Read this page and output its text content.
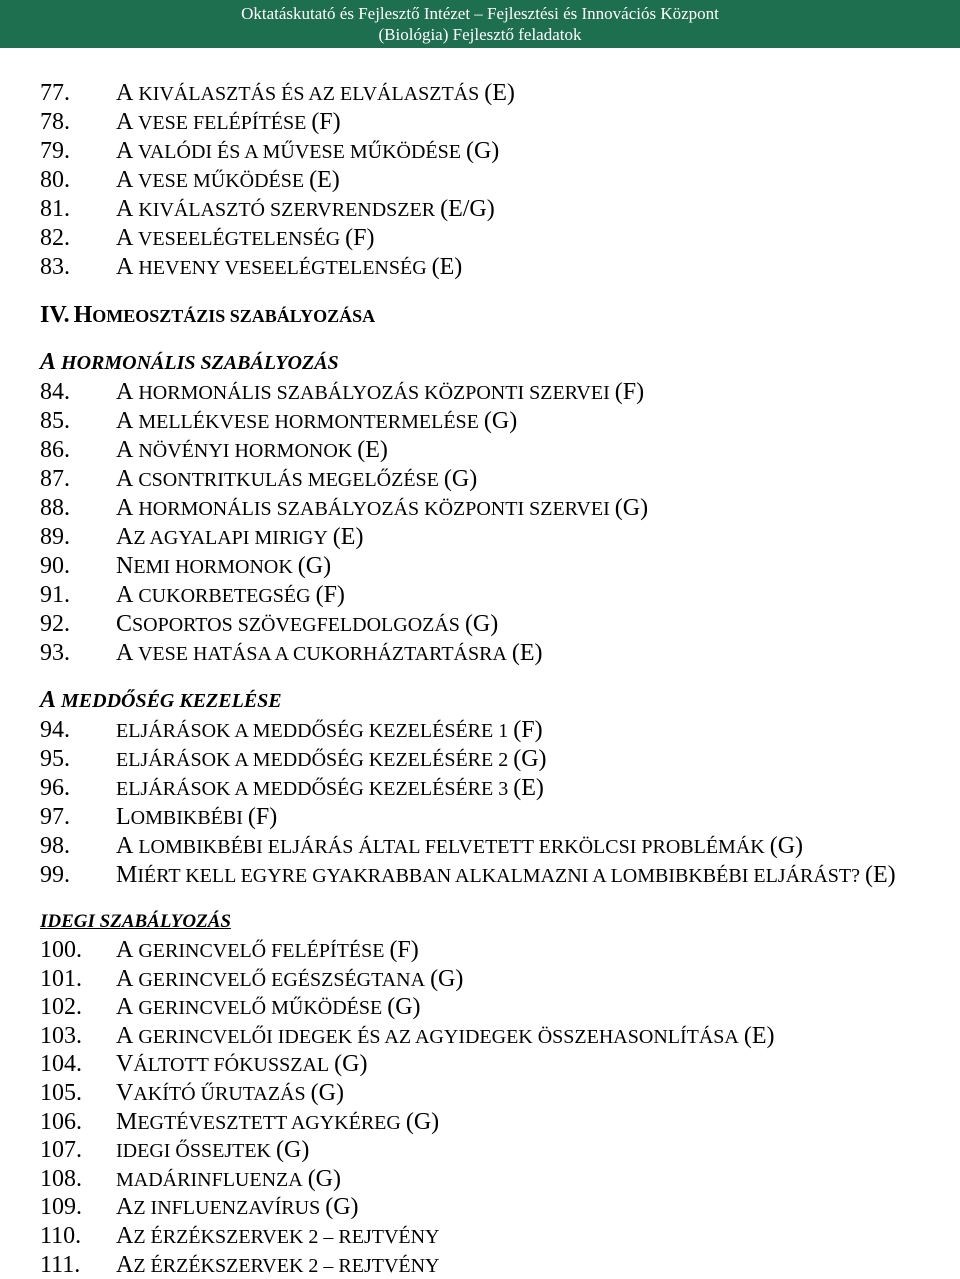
Oktatáskutató és Fejlesztő Intézet – Fejlesztési és Innovációs Központ
(Biológia) Fejlesztő feladatok
77. A KIVÁLASZTÁS ÉS AZ ELVÁLASZTÁS (E)
78. A VESE FELÉPÍTÉSE (F)
79. A VALÓDI ÉS A MŰVESE MŰKÖDÉSE (G)
80. A VESE MŰKÖDÉSE (E)
81. A KIVÁLASZTÓ SZERVRENDSZER (E/G)
82. A VESEELÉGTELENSÉG (F)
83. A HEVENY VESEELÉGTELENSÉG (E)
IV. HOMEOSZTÁZIS SZABÁLYOZÁSA
A HORMONÁLIS SZABÁLYOZÁS
84. A HORMONÁLIS SZABÁLYOZÁS KÖZPONTI SZERVEI (F)
85. A MELLÉKVESE HORMONTERMELÉSE (G)
86. A NÖVÉNYI HORMONOK (E)
87. A CSONTRITKULÁS MEGELŐZÉSE (G)
88. A HORMONÁLIS SZABÁLYOZÁS KÖZPONTI SZERVEI (G)
89. AZ AGYALAPI MIRIGY (E)
90. NEMI HORMONOK (G)
91. A CUKORBETEGSÉG (F)
92. CSOPORTOS SZÖVEGFELDOLGOZÁS (G)
93. A VESE HATÁSA A CUKORHÁZTARTÁSRA (E)
A MEDDŐSÉG KEZELÉSE
94. ELJÁRÁSOK A MEDDŐSÉG KEZELÉSÉRE 1 (F)
95. ELJÁRÁSOK A MEDDŐSÉG KEZELÉSÉRE 2 (G)
96. ELJÁRÁSOK A MEDDŐSÉG KEZELÉSÉRE 3 (E)
97. LOMBIKBÉBI (F)
98. A LOMBIKBÉBI ELJÁRÁS ÁLTAL FELVETETT ERKÖLCSI PROBLÉMÁK (G)
99. MIÉRT KELL EGYRE GYAKRABBAN ALKALMAZNI A LOMBIBKBÉBI ELJÁRÁST? (E)
IDEGI SZABÁLYOZÁS
100. A GERINCVELŐ FELÉPÍTÉSE (F)
101. A GERINCVELŐ EGÉSZSÉGTANA (G)
102. A GERINCVELŐ MŰKÖDÉSE (G)
103. A GERINCVELŐI IDEGEK ÉS AZ AGYIDEGEK ÖSSZEHASONLÍTÁSA (E)
104. VÁLTOTT FÓKUSSZAL (G)
105. VAKÍTÓ ŰRUTAZÁS (G)
106. MEGTÉVESZTETT AGYKÉREG (G)
107. IDEGI ŐSSEJTEK (G)
108. MADÁRINFLUENZA (G)
109. AZ INFLUENZAVÍRUS (G)
110. AZ ÉRZÉKSZERVEK 2 – REJTVÉNY
111. AZ ÉRZÉKSZERVEK 2 – REJTVÉNY
